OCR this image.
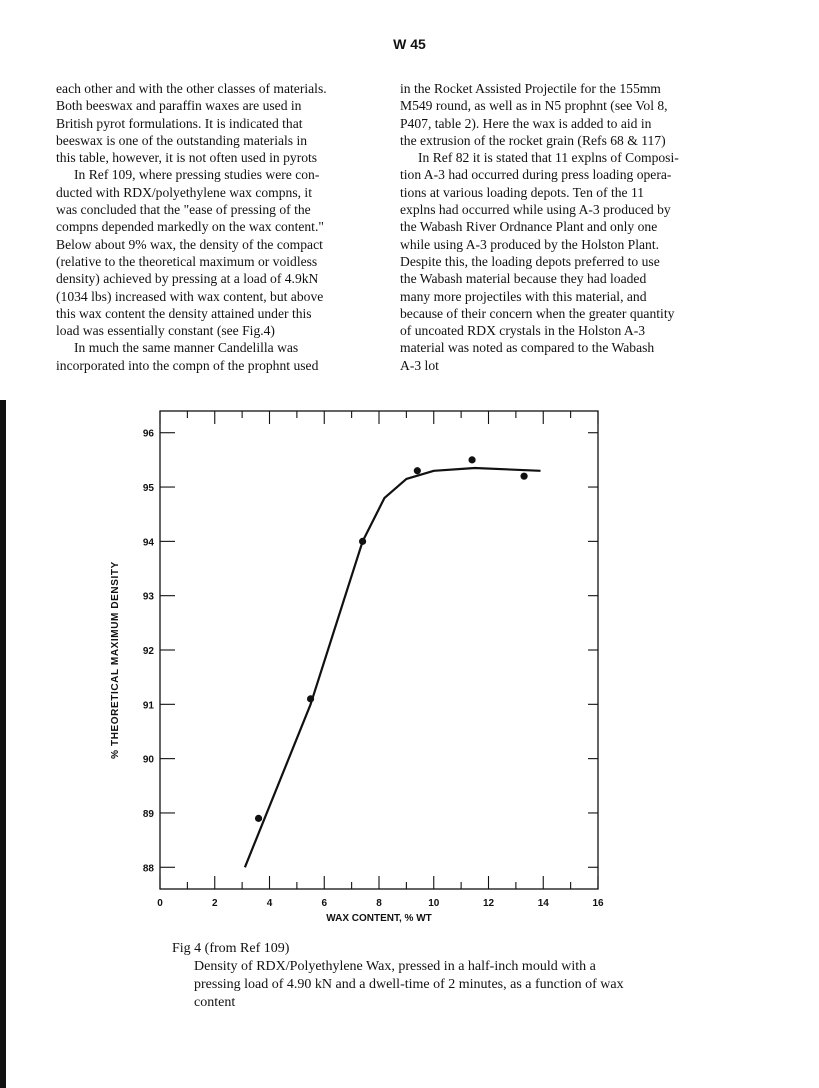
W 45

each other and with the other classes of materials.

Both beeswax and paraffin waxes are used in

British pyrot formulations. It is indicated that

beeswax is one of the outstanding materials in

this table, however, it is not often used in pyrots

In Ref 109, where pressing studies were con-

ducted with RDX/polyethylene wax compns, it

was concluded that the "ease of pressing of the

compns depended markedly on the wax content."

Below about 9% wax, the density of the compact

(relative to the theoretical maximum or voidless

density) achieved by pressing at a load of 4.9kN

(1034 lbs) increased with wax content, but above

this wax content the density attained under this

load was essentially constant (see Fig.4)

In much the same manner Candelilla was

incorporated into the compn of the prophnt used

in the Rocket Assisted Projectile for the 155mm

M549 round, as well as in N5 prophnt (see Vol 8,

P407, table 2). Here the wax is added to aid in

the extrusion of the rocket grain (Refs 68 & 117)

In Ref 82 it is stated that 11 explns of Composi-

tion A-3 had occurred during press loading opera-

tions at various loading depots. Ten of the 11

explns had occurred while using A-3 produced by

the Wabash River Ordnance Plant and only one

while using A-3 produced by the Holston Plant.

Despite this, the loading depots preferred to use

the Wabash material because they had loaded

many more projectiles with this material, and

because of their concern when the greater quantity

of uncoated RDX crystals in the Holston A-3

material was noted as compared to the Wabash

A-3 lot

0	2	4	6	8	10	12	14	16
88
89
90
91
92
93
94
95
96
WAX CONTENT, % WT
% THEORETICAL MAXIMUM DENSITY
Fig 4 (from Ref 109)
Density of RDX/Polyethylene Wax, pressed in a half-inch mould with a pressing load of 4.90 kN and a dwell-time of 2 minutes, as a function of wax content
